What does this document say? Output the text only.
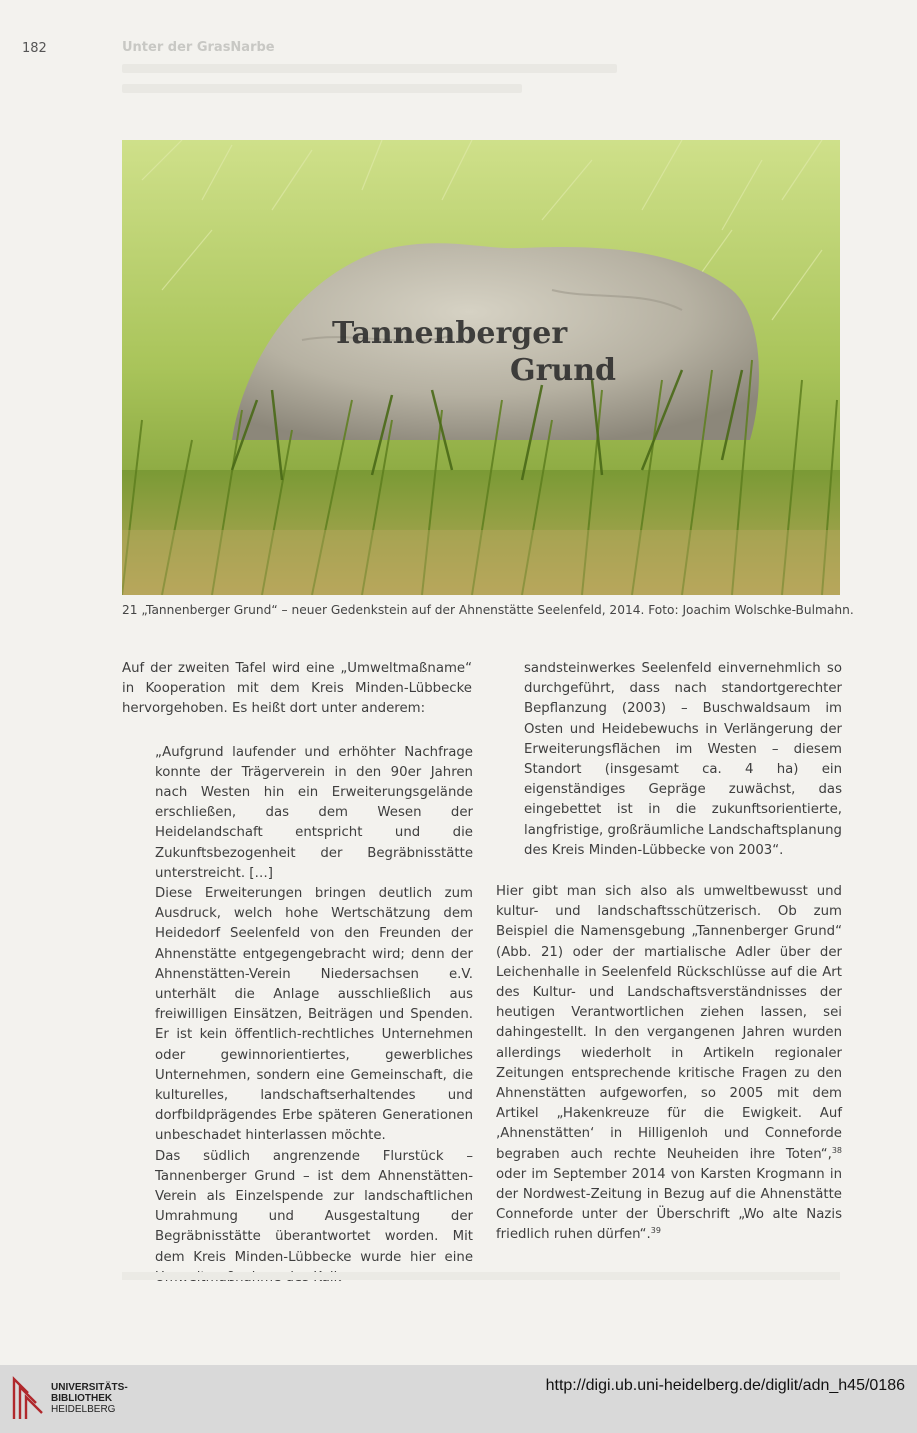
182	Unter der GrasNarbe
Tannenberger
Grund
21 „Tannenberger Grund“ – neuer Gedenkstein auf der Ahnenstätte Seelenfeld, 2014. Foto: Joachim Wolschke-Bulmahn.

Auf der zweiten Tafel wird eine „Umweltmaßname“ in Kooperation mit dem Kreis Minden-Lübbecke hervorgehoben. Es heißt dort unter anderem:

„Aufgrund laufender und erhöhter Nachfrage konnte der Trägerverein in den 90er Jahren nach Westen hin ein Erweiterungsgelände erschließen, das dem Wesen der Heidelandschaft entspricht und die Zukunftsbezogenheit der Begräbnisstätte unterstreicht. […]

Diese Erweiterungen bringen deutlich zum Ausdruck, welch hohe Wertschätzung dem Heidedorf Seelenfeld von den Freunden der Ahnenstätte entgegengebracht wird; denn der Ahnenstätten-Verein Niedersachsen e.V. unterhält die Anlage ausschließlich aus freiwilligen Einsätzen, Beiträgen und Spenden. Er ist kein öffentlich-rechtliches Unternehmen oder gewinnorientiertes, gewerbliches Unternehmen, sondern eine Gemeinschaft, die kulturelles, landschaftserhaltendes und dorfbildprägendes Erbe späteren Generationen unbeschadet hinterlassen möchte.

Das südlich angrenzende Flurstück – Tannenberger Grund – ist dem Ahnenstätten-Verein als Einzelspende zur landschaftlichen Umrahmung und Ausgestaltung der Begräbnisstätte überantwortet worden. Mit dem Kreis Minden-Lübbecke wurde hier eine

sandsteinwerkes Seelenfeld einvernehmlich so durchgeführt, dass nach standortgerechter Bepflanzung (2003) – Buschwaldsaum im Osten und Heidebewuchs in Verlängerung der Erweiterungsflächen im Westen – diesem Standort (insgesamt ca. 4 ha) ein eigenständiges Gepräge zuwächst, das eingebettet ist in die zukunftsorientierte, langfristige, großräumliche Landschaftsplanung des Kreis Minden-Lübbecke von 2003“.

Hier gibt man sich also als umweltbewusst und kultur- und landschaftsschützerisch. Ob zum Beispiel die Namensgebung „Tannenberger Grund“ (Abb. 21) oder der martialische Adler über der Leichenhalle in Seelenfeld Rückschlüsse auf die Art des Kultur- und Landschaftsverständnisses der heutigen Verantwortlichen ziehen lassen, sei dahingestellt. In den vergangenen Jahren wurden allerdings wiederholt in Artikeln regionaler Zeitungen entsprechende kritische Fragen zu den Ahnenstätten aufgeworfen, so 2005 mit dem Artikel „Hakenkreuze für die Ewigkeit. Auf ‚Ahnenstätten‘ in Hilligenloh und Conneforde begraben auch rechte Neuheiden ihre Toten“,$^{38}$ oder im September 2014 von Karsten Krogmann in der Nordwest-Zeitung in Bezug auf die Ahnenstätte Conneforde unter der Überschrift „Wo alte Nazis friedlich ruhen dürfen“.$^{39}$

UNIVERSITÄTS-
BIBLIOTHEK
HEIDELBERG
http://digi.ub.uni-heidelberg.de/diglit/adn_h45/0186
